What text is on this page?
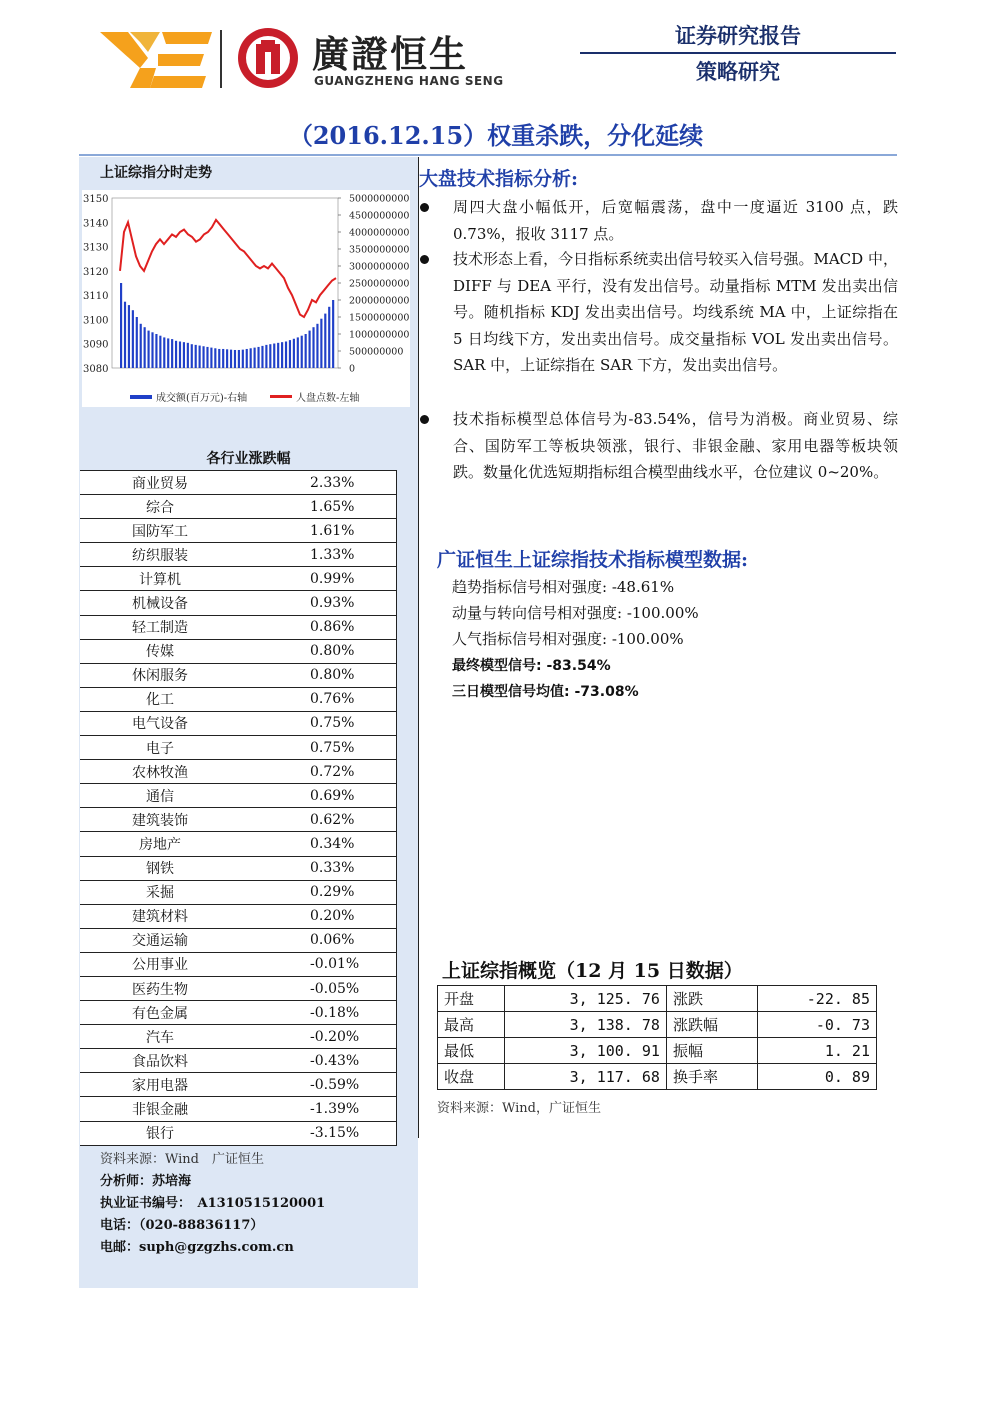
廣證恒生
GUANGZHENG HANG SENG
证券研究报告
策略研究
（2016.12.15）权重杀跌，分化延续
上证综指分时走势
3150
3140
3130
3120
3110
3100
3090
3080
5000000000
4500000000
4000000000
3500000000
3000000000
2500000000
2000000000
1500000000
1000000000
500000000
0
成交额(百万元)-右轴	人盘点数-左轴
各行业涨跌幅
商业贸易	2.33%
综合	1.65%
国防军工	1.61%
纺织服装	1.33%
计算机	0.99%
机械设备	0.93%
轻工制造	0.86%
传媒	0.80%
休闲服务	0.80%
化工	0.76%
电气设备	0.75%
电子	0.75%
农林牧渔	0.72%
通信	0.69%
建筑装饰	0.62%
房地产	0.34%
钢铁	0.33%
采掘	0.29%
建筑材料	0.20%
交通运输	0.06%
公用事业	-0.01%
医药生物	-0.05%
有色金属	-0.18%
汽车	-0.20%
食品饮料	-0.43%
家用电器	-0.59%
非银金融	-1.39%
银行	-3.15%
资料来源：Wind　广证恒生
分析师：苏培海
执业证书编号：　A1310515120001
电话：（020-88836117）
电邮：suph@gzgzhs.com.cn
大盘技术指标分析:
周四大盘小幅低开，后宽幅震荡，盘中一度逼近 3100 点，跌 0.73%，报收 3117 点。
技术形态上看，今日指标系统卖出信号较买入信号强。MACD 中，DIFF 与 DEA 平行，没有发出信号。动量指标 MTM 发出卖出信号。随机指标 KDJ 发出卖出信号。均线系统 MA 中，上证综指在 5 日均线下方，发出卖出信号。成交量指标 VOL 发出卖出信号。SAR 中，上证综指在 SAR 下方，发出卖出信号。
技术指标模型总体信号为-83.54%，信号为消极。商业贸易、综合、国防军工等板块领涨，银行、非银金融、家用电器等板块领跌。数量化优选短期指标组合模型曲线水平，仓位建议 0~20%。
广证恒生上证综指技术指标模型数据:
趋势指标信号相对强度: -48.61%
动量与转向信号相对强度: -100.00%
人气指标信号相对强度: -100.00%
最终模型信号: -83.54%
三日模型信号均值: -73.08%
上证综指概览（12 月 15 日数据）
开盘	3, 125. 76	涨跌	-22. 85
最高	3, 138. 78	涨跌幅	-0. 73
最低	3, 100. 91	振幅	1. 21
收盘	3, 117. 68	换手率	0. 89
资料来源：Wind，广证恒生
